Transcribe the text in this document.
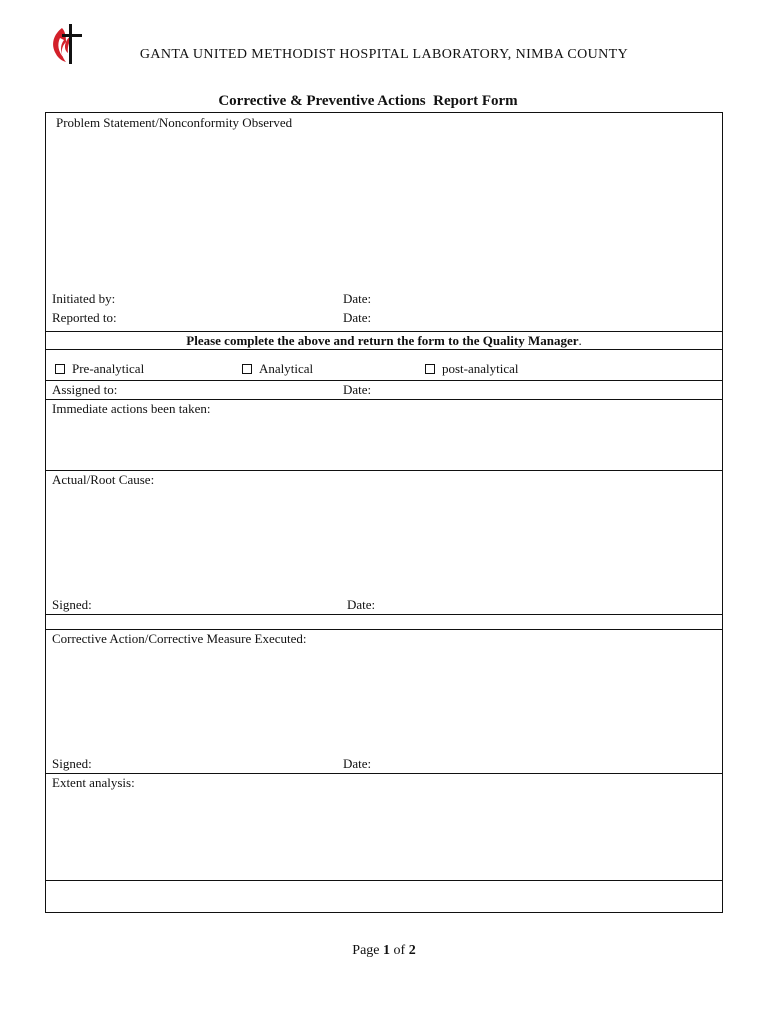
GANTA UNITED METHODIST HOSPITAL LABORATORY, NIMBA COUNTY
Corrective & Preventive Actions  Report Form
Problem Statement/Nonconformity Observed
Initiated by:	Date:
Reported to:	Date:
Please complete the above and return the form to the Quality Manager.
Pre-analytical	Analytical	post-analytical
Assigned to:	Date:
Immediate actions been taken:
Actual/Root Cause:
Signed:	Date:
Corrective Action/Corrective Measure Executed:
Signed:	Date:
Extent analysis:
Page 1 of 2
